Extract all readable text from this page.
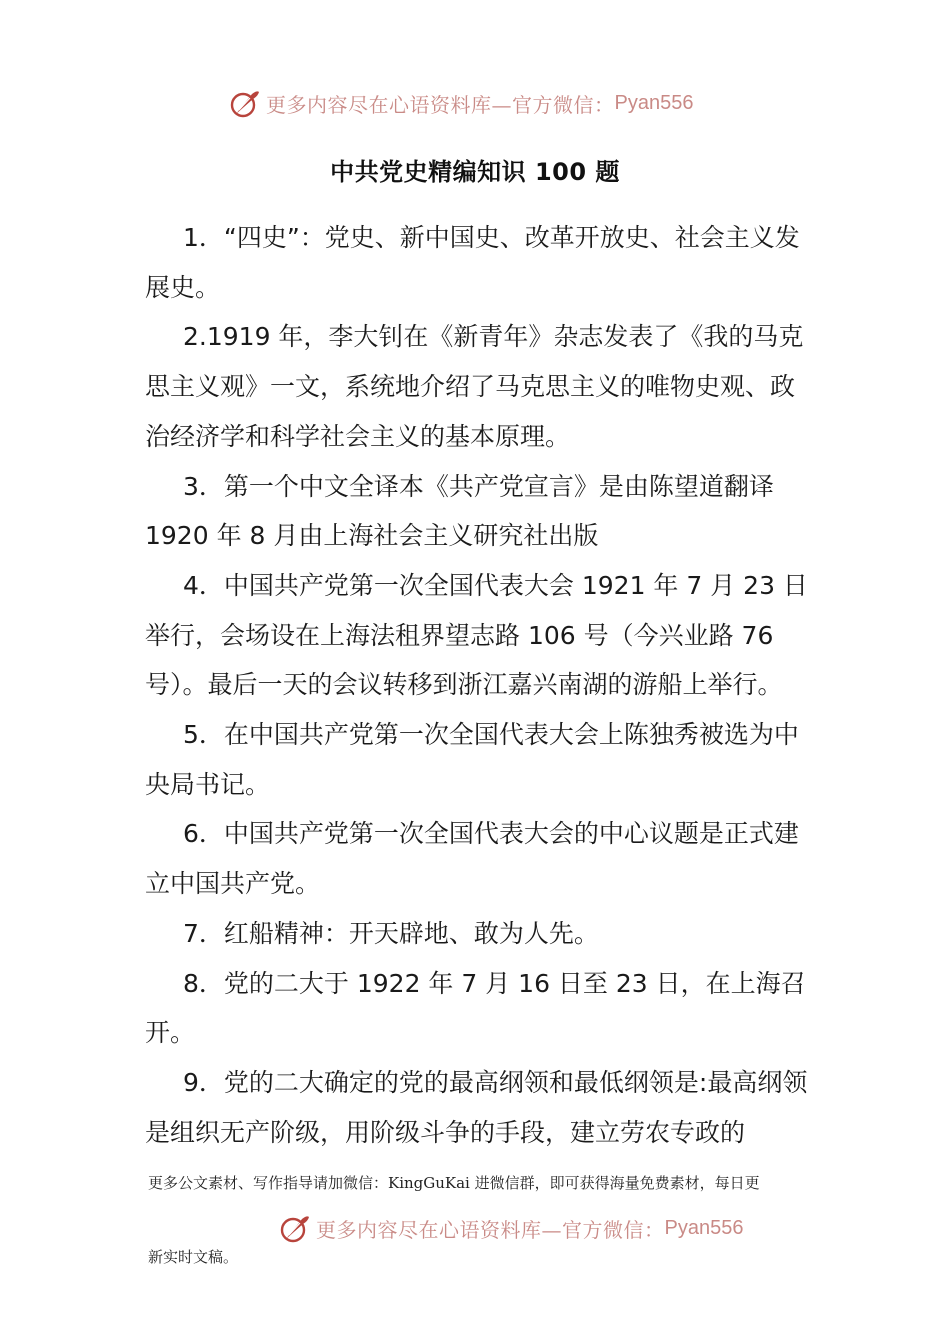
更多内容尽在心语资料库—官方微信： Pyan556
中共党史精编知识 100 题

1．“四史”：党史、新中国史、改革开放史、社会主义发展史。

2.1919 年，李大钊在《新青年》杂志发表了《我的马克思主义观》一文，系统地介绍了马克思主义的唯物史观、政治经济学和科学社会主义的基本原理。

3．第一个中文全译本《共产党宣言》是由陈望道翻译 1920 年 8 月由上海社会主义研究社出版

4．中国共产党第一次全国代表大会 1921 年 7 月 23 日举行，会场设在上海法租界望志路 106 号（今兴业路 76 号）。最后一天的会议转移到浙江嘉兴南湖的游船上举行。

5．在中国共产党第一次全国代表大会上陈独秀被选为中央局书记。

6．中国共产党第一次全国代表大会的中心议题是正式建立中国共产党。

7．红船精神：开天辟地、敢为人先。

8．党的二大于 1922 年 7 月 16 日至 23 日，在上海召开。

9．党的二大确定的党的最高纲领和最低纲领是:最高纲领是组织无产阶级，用阶级斗争的手段，建立劳农专政的

更多公文素材、写作指导请加微信：KingGuKai 进微信群，即可获得海量免费素材，每日更
更多内容尽在心语资料库—官方微信： Pyan556
新实时文稿。
